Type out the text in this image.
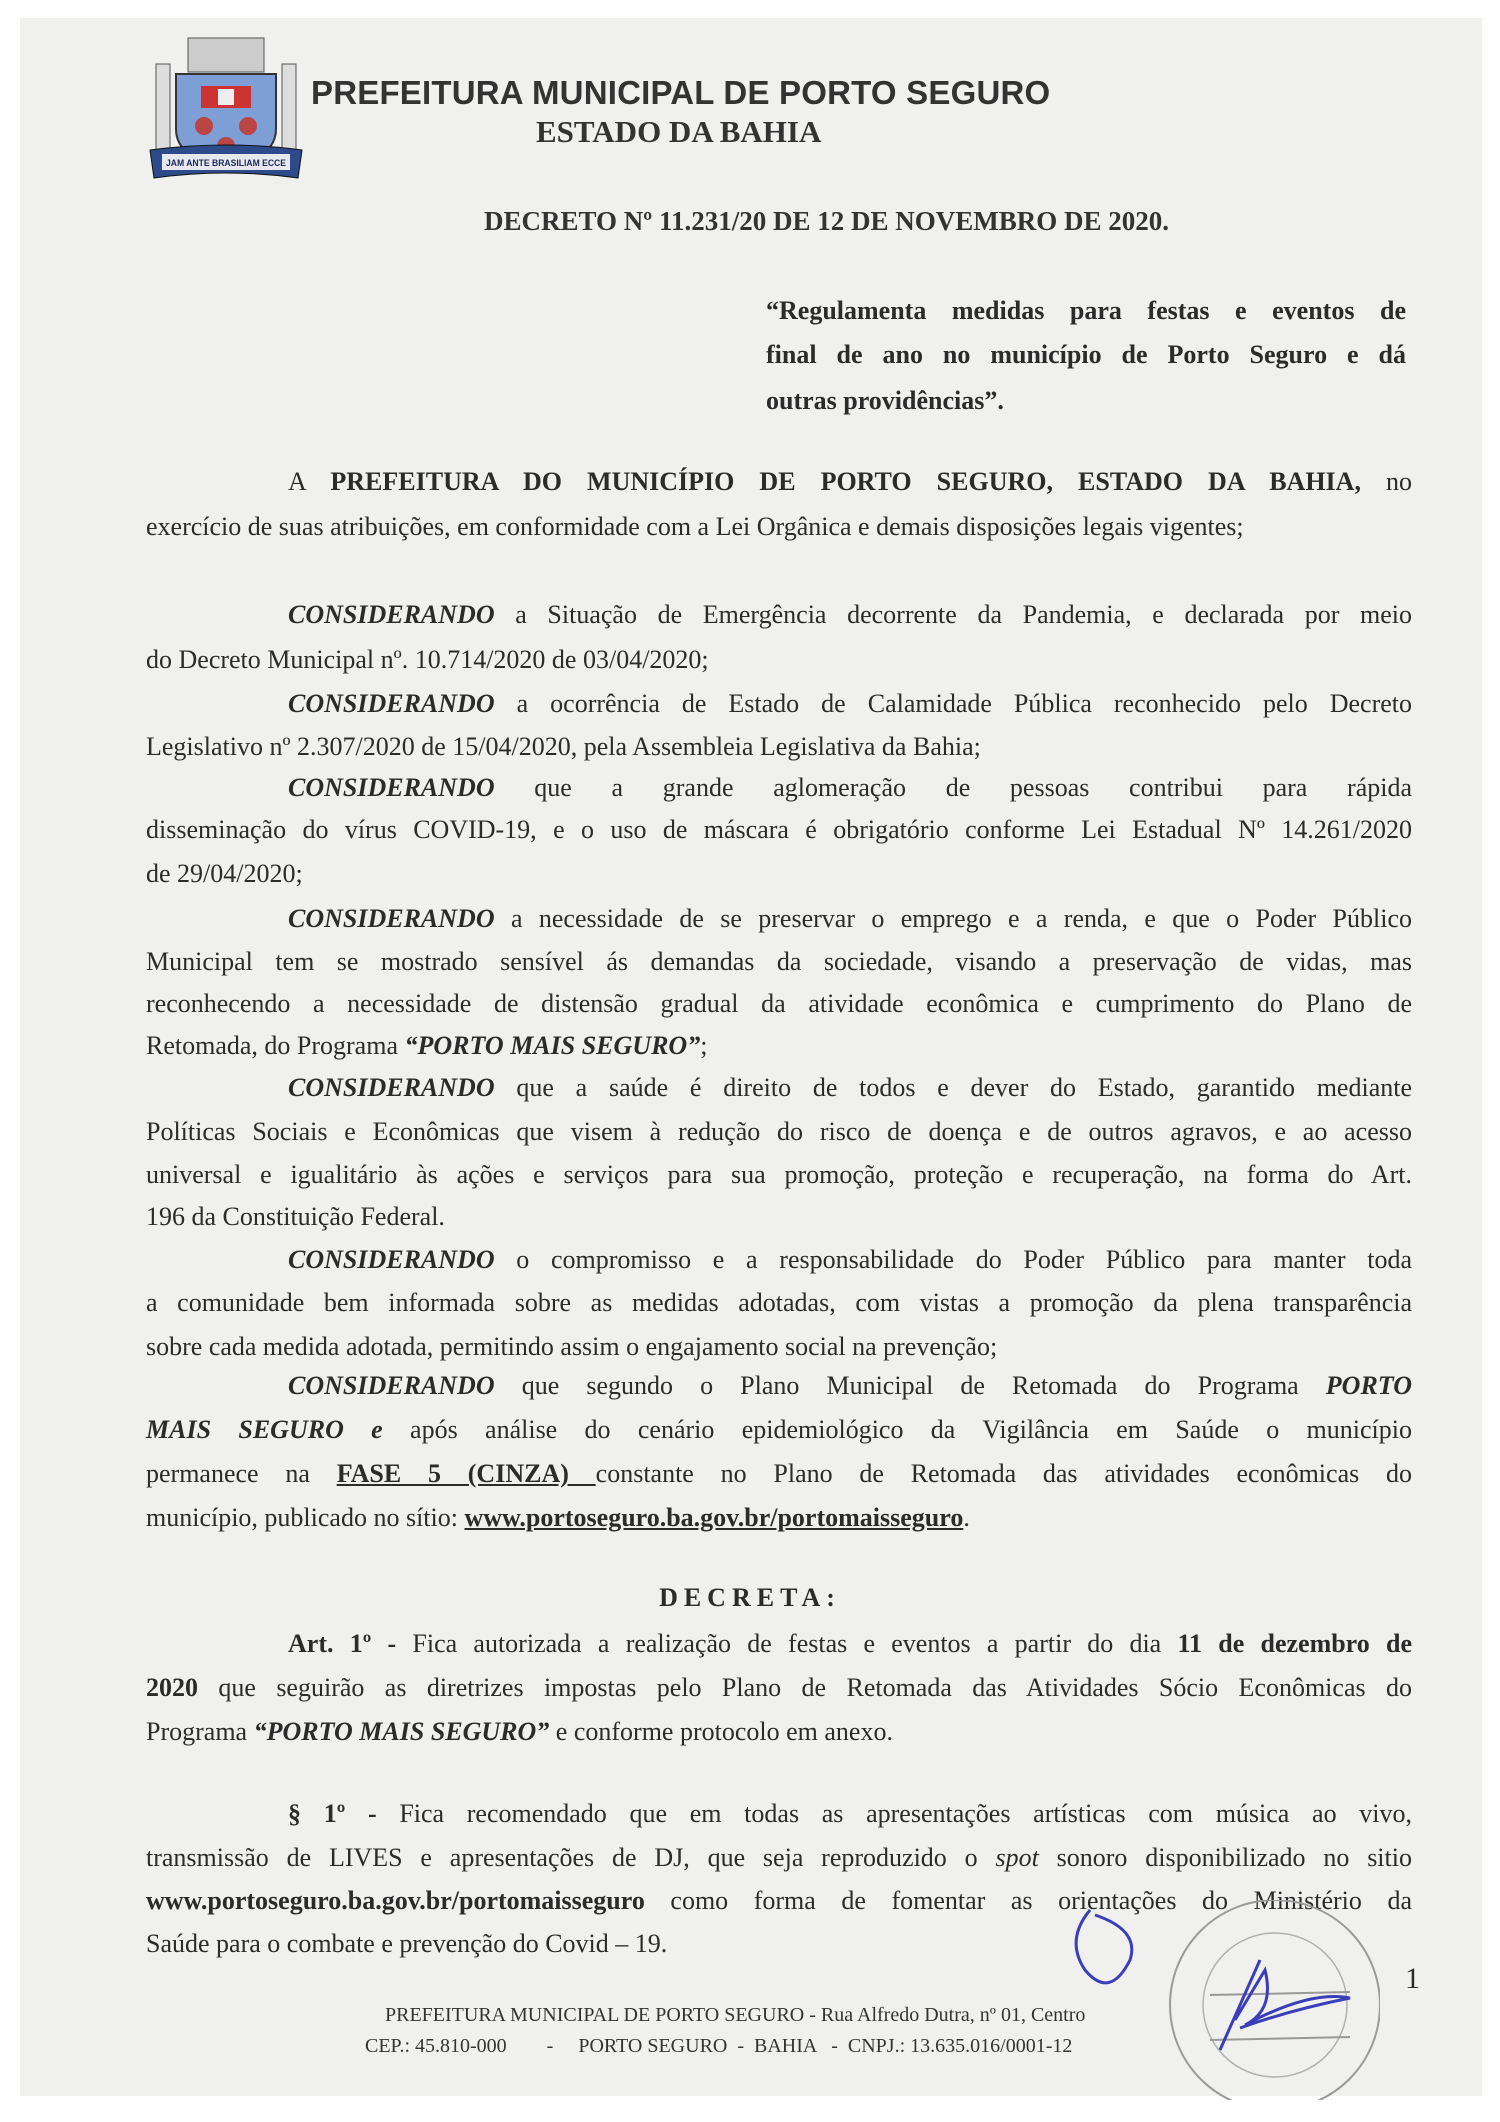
JAM ANTE BRASILIAM ECCE
PREFEITURA MUNICIPAL DE PORTO SEGURO
ESTADO DA BAHIA
DECRETO Nº 11.231/20 DE 12 DE NOVEMBRO DE 2020.
“Regulamenta medidas para festas e eventos de
final de ano no município de Porto Seguro e dá
outras providências”.
A PREFEITURA DO MUNICÍPIO DE PORTO SEGURO, ESTADO DA BAHIA, no
exercício de suas atribuições, em conformidade com a Lei Orgânica e demais disposições legais vigentes;
CONSIDERANDO a Situação de Emergência decorrente da Pandemia, e declarada por meio
do Decreto Municipal nº. 10.714/2020 de 03/04/2020;
CONSIDERANDO a ocorrência de Estado de Calamidade Pública reconhecido pelo Decreto
Legislativo nº 2.307/2020 de 15/04/2020, pela Assembleia Legislativa da Bahia;
CONSIDERANDO que a grande aglomeração de pessoas contribui para rápida
disseminação do vírus COVID-19, e o uso de máscara é obrigatório conforme Lei Estadual Nº 14.261/2020
de 29/04/2020;
CONSIDERANDO a necessidade de se preservar o emprego e a renda, e que o Poder Público
Municipal tem se mostrado sensível ás demandas da sociedade, visando a preservação de vidas, mas
reconhecendo a necessidade de distensão gradual da atividade econômica e cumprimento do Plano de
Retomada, do Programa “PORTO MAIS SEGURO”;
CONSIDERANDO que a saúde é direito de todos e dever do Estado, garantido mediante
Políticas Sociais e Econômicas que visem à redução do risco de doença e de outros agravos, e ao acesso
universal e igualitário às ações e serviços para sua promoção, proteção e recuperação, na forma do Art.
196 da Constituição Federal.
CONSIDERANDO o compromisso e a responsabilidade do Poder Público para manter toda
a comunidade bem informada sobre as medidas adotadas, com vistas a promoção da plena transparência
sobre cada medida adotada, permitindo assim o engajamento social na prevenção;
CONSIDERANDO que segundo o Plano Municipal de Retomada do Programa PORTO
MAIS SEGURO e após análise do cenário epidemiológico da Vigilância em Saúde o município
permanece na FASE 5 (CINZA) constante no Plano de Retomada das atividades econômicas do
município, publicado no sítio: www.portoseguro.ba.gov.br/portomaisseguro.
Art. 1º - Fica autorizada a realização de festas e eventos a partir do dia 11 de dezembro de
2020 que seguirão as diretrizes impostas pelo Plano de Retomada das Atividades Sócio Econômicas do
Programa “PORTO MAIS SEGURO” e conforme protocolo em anexo.
§ 1º - Fica recomendado que em todas as apresentações artísticas com música ao vivo,
transmissão de LIVES e apresentações de DJ, que seja reproduzido o spot sonoro disponibilizado no sitio
www.portoseguro.ba.gov.br/portomaisseguro como forma de fomentar as orientações do Ministério da
Saúde para o combate e prevenção do Covid – 19.
DECRETA:
1
PREFEITURA MUNICIPAL DE PORTO SEGURO - Rua Alfredo Dutra, nº 01, Centro
CEP.: 45.810-000        -     PORTO SEGURO  -  BAHIA   -  CNPJ.: 13.635.016/0001-12
